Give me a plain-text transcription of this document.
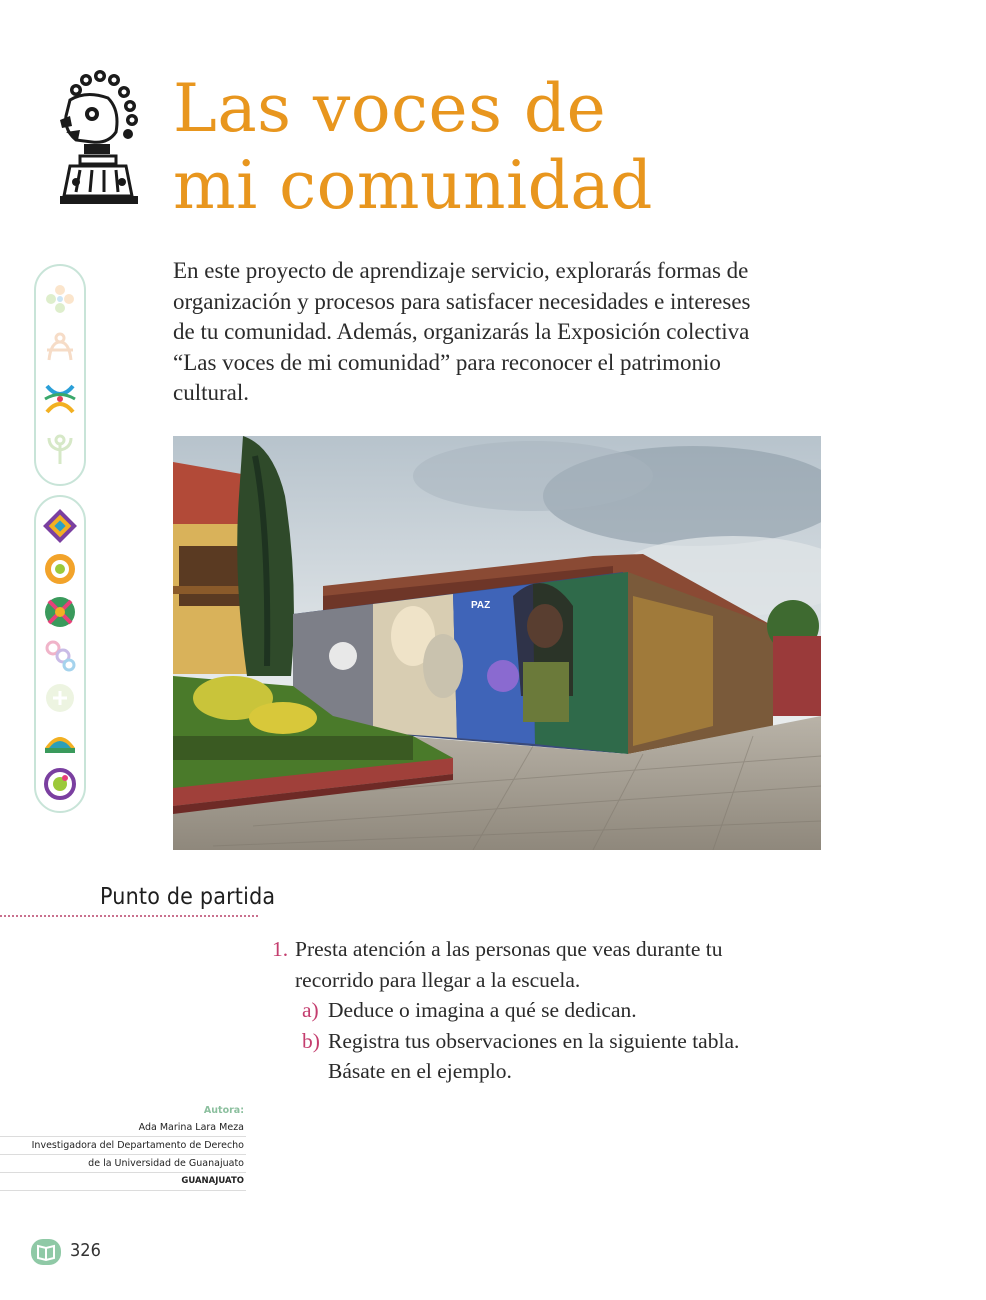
Las voces de
mi comunidad

En este proyecto de aprendizaje servicio, explorarás formas de organización y procesos para satisfacer necesidades e intereses de tu comunidad. Además, organizarás la Exposición colectiva “Las voces de mi comunidad” para reconocer el patrimonio cultural.

PAZ
Punto de partida
1. Presta atención a las personas que veas durante tu
recorrido para llegar a la escuela.
a) Deduce o imagina a qué se dedican.
b) Registra tus observaciones en la siguiente tabla.
Básate en el ejemplo.
Autora:
Ada Marina Lara Meza
Investigadora del Departamento de Derecho
de la Universidad de Guanajuato
GUANAJUATO
326
